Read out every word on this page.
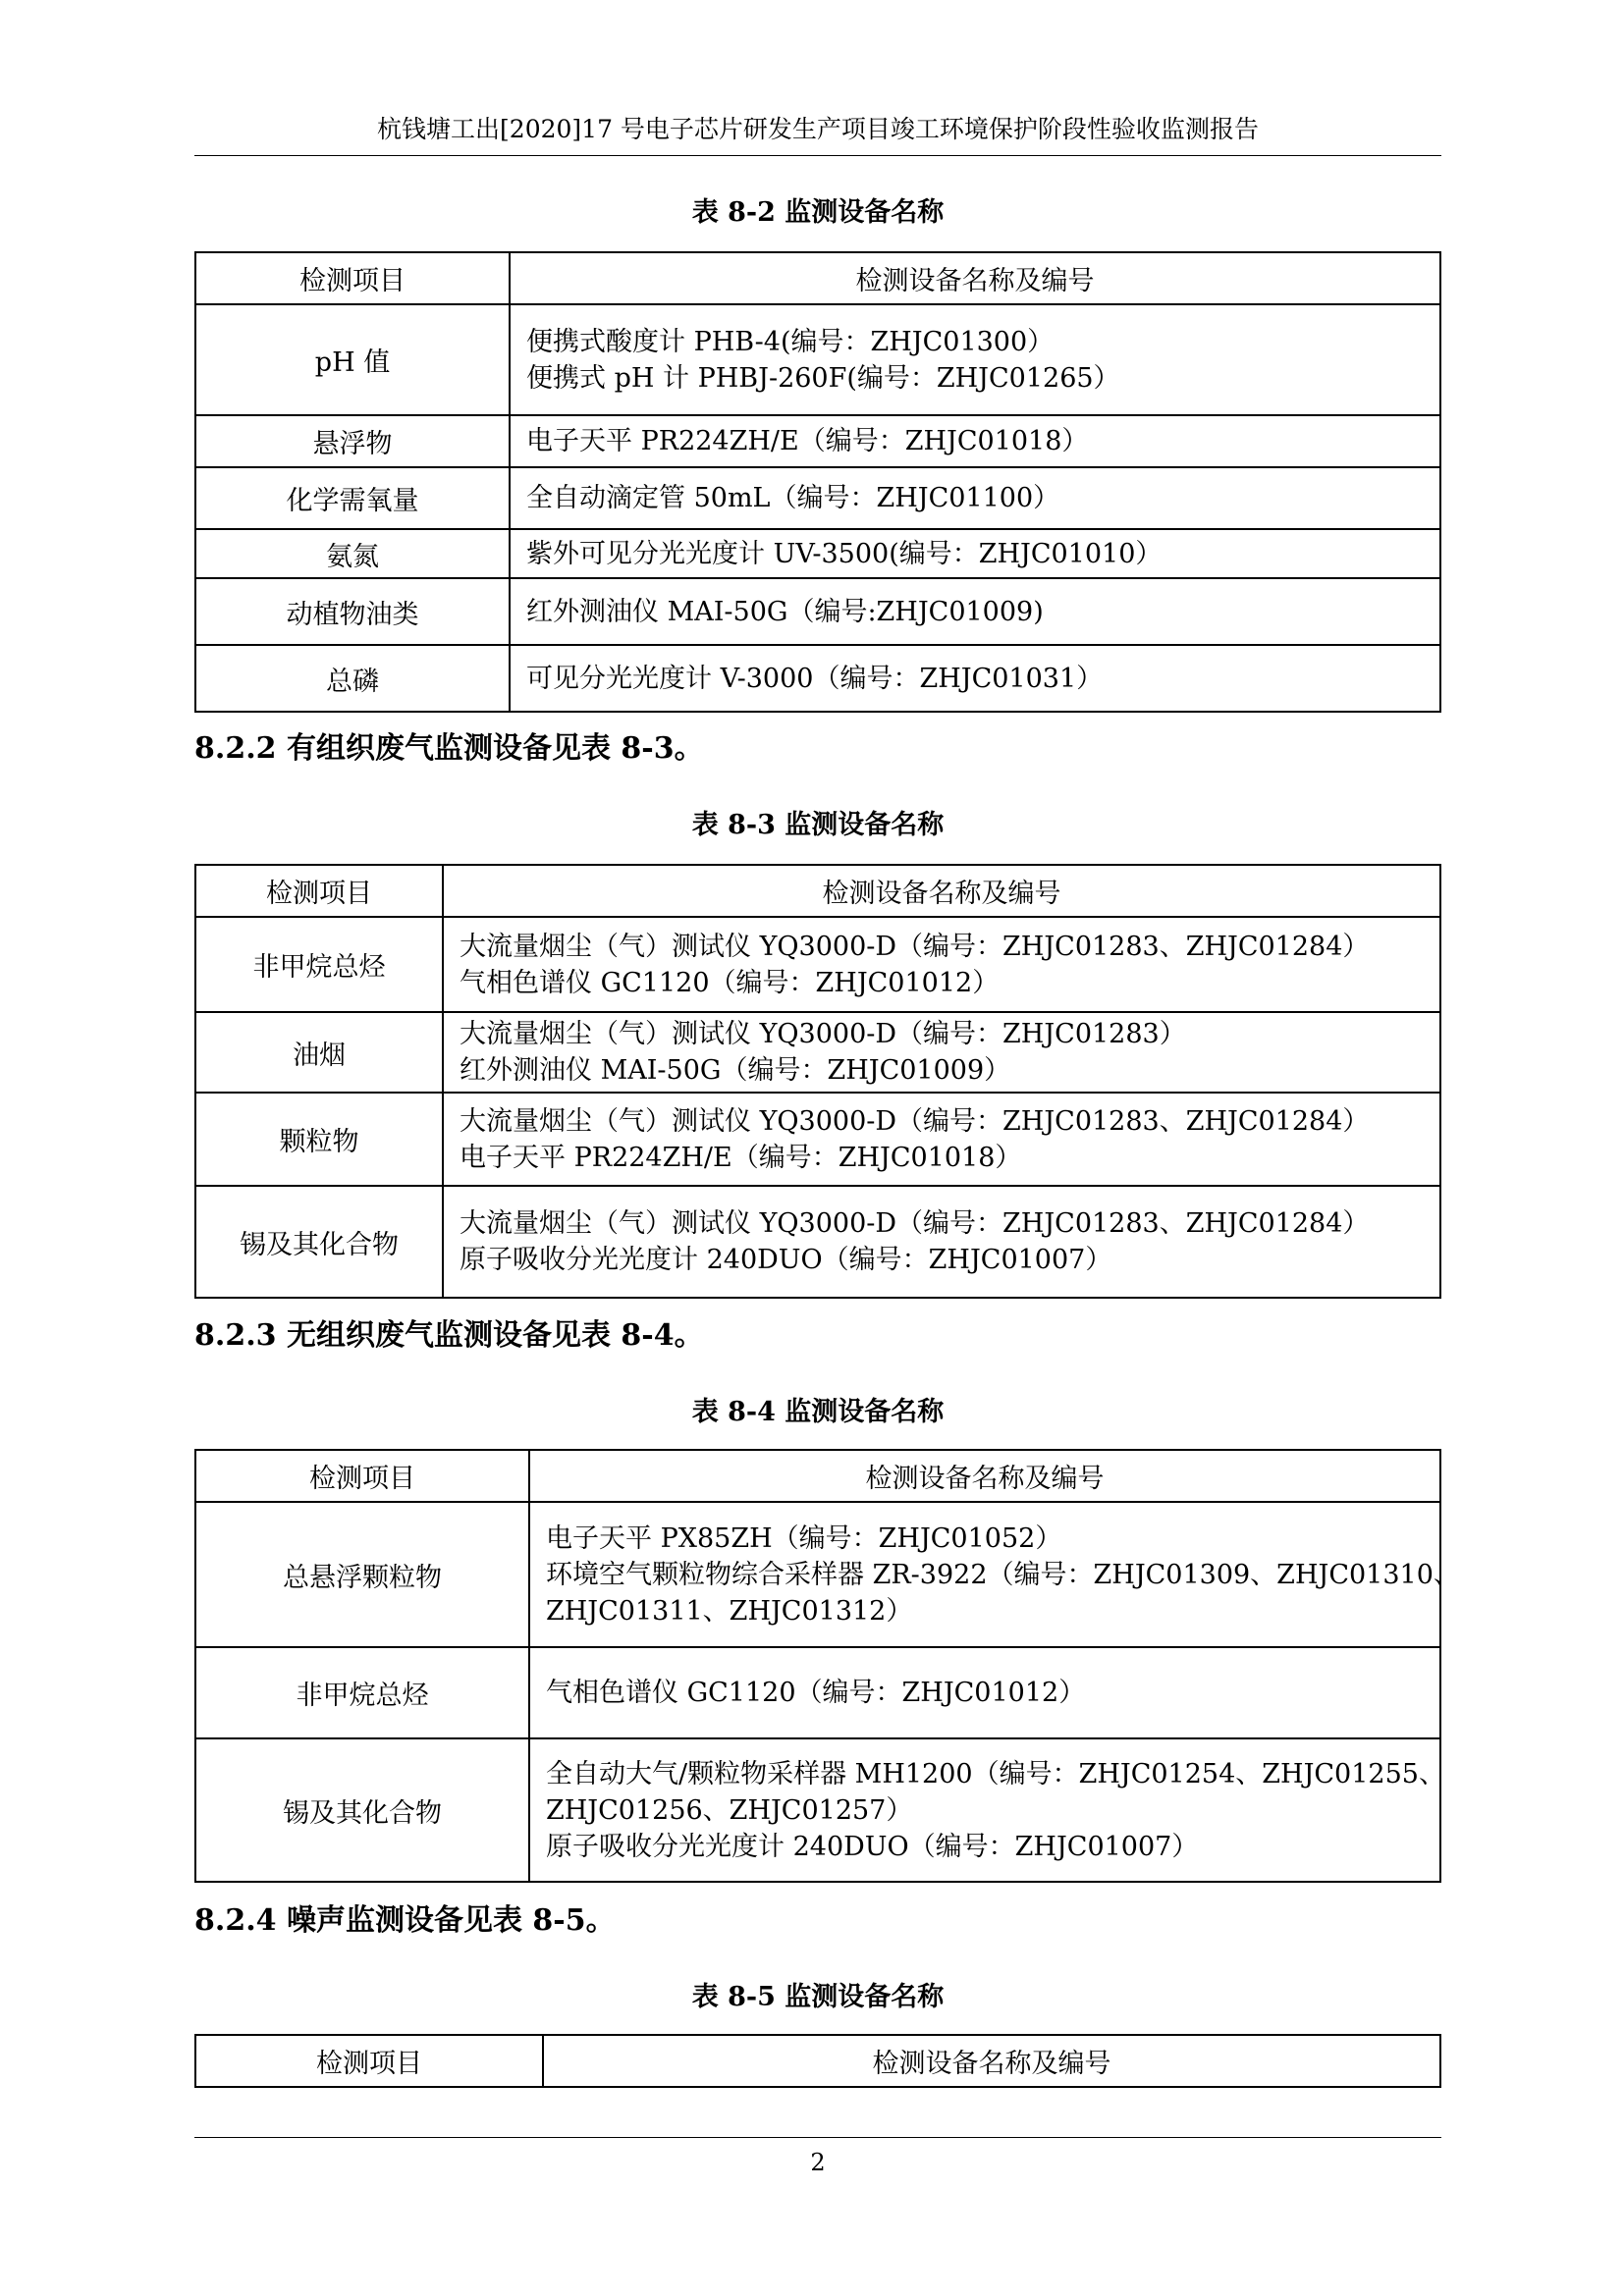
杭钱塘工出[2020]17 号电子芯片研发生产项目竣工环境保护阶段性验收监测报告
表 8-2 监测设备名称
检测项目	检测设备名称及编号
pH 值	便携式酸度计 PHB-4(编号：ZHJC01300）
便携式 pH 计 PHBJ-260F(编号：ZHJC01265）

悬浮物	电子天平 PR224ZH/E（编号：ZHJC01018）

化学需氧量	全自动滴定管 50mL（编号：ZHJC01100）

氨氮	紫外可见分光光度计 UV-3500(编号：ZHJC01010）

动植物油类	红外测油仪 MAI-50G（编号:ZHJC01009)

总磷	可见分光光度计 V-3000（编号：ZHJC01031）
8.2.2 有组织废气监测设备见表 8-3。
表 8-3 监测设备名称
检测项目	检测设备名称及编号
非甲烷总烃	大流量烟尘（气）测试仪 YQ3000-D（编号：ZHJC01283、ZHJC01284）
气相色谱仪 GC1120（编号：ZHJC01012）

油烟	大流量烟尘（气）测试仪 YQ3000-D（编号：ZHJC01283）
红外测油仪 MAI-50G（编号：ZHJC01009）

颗粒物	大流量烟尘（气）测试仪 YQ3000-D（编号：ZHJC01283、ZHJC01284）
电子天平 PR224ZH/E（编号：ZHJC01018）

锡及其化合物	大流量烟尘（气）测试仪 YQ3000-D（编号：ZHJC01283、ZHJC01284）
原子吸收分光光度计 240DUO（编号：ZHJC01007）
8.2.3 无组织废气监测设备见表 8-4。
表 8-4 监测设备名称
检测项目	检测设备名称及编号
总悬浮颗粒物	电子天平 PX85ZH（编号：ZHJC01052）
环境空气颗粒物综合采样器 ZR-3922（编号：ZHJC01309、ZHJC01310、
ZHJC01311、ZHJC01312）

非甲烷总烃	气相色谱仪 GC1120（编号：ZHJC01012）

锡及其化合物	全自动大气/颗粒物采样器 MH1200（编号：ZHJC01254、ZHJC01255、
ZHJC01256、ZHJC01257）
原子吸收分光光度计 240DUO（编号：ZHJC01007）
8.2.4 噪声监测设备见表 8-5。
表 8-5 监测设备名称
检测项目	检测设备名称及编号
2
